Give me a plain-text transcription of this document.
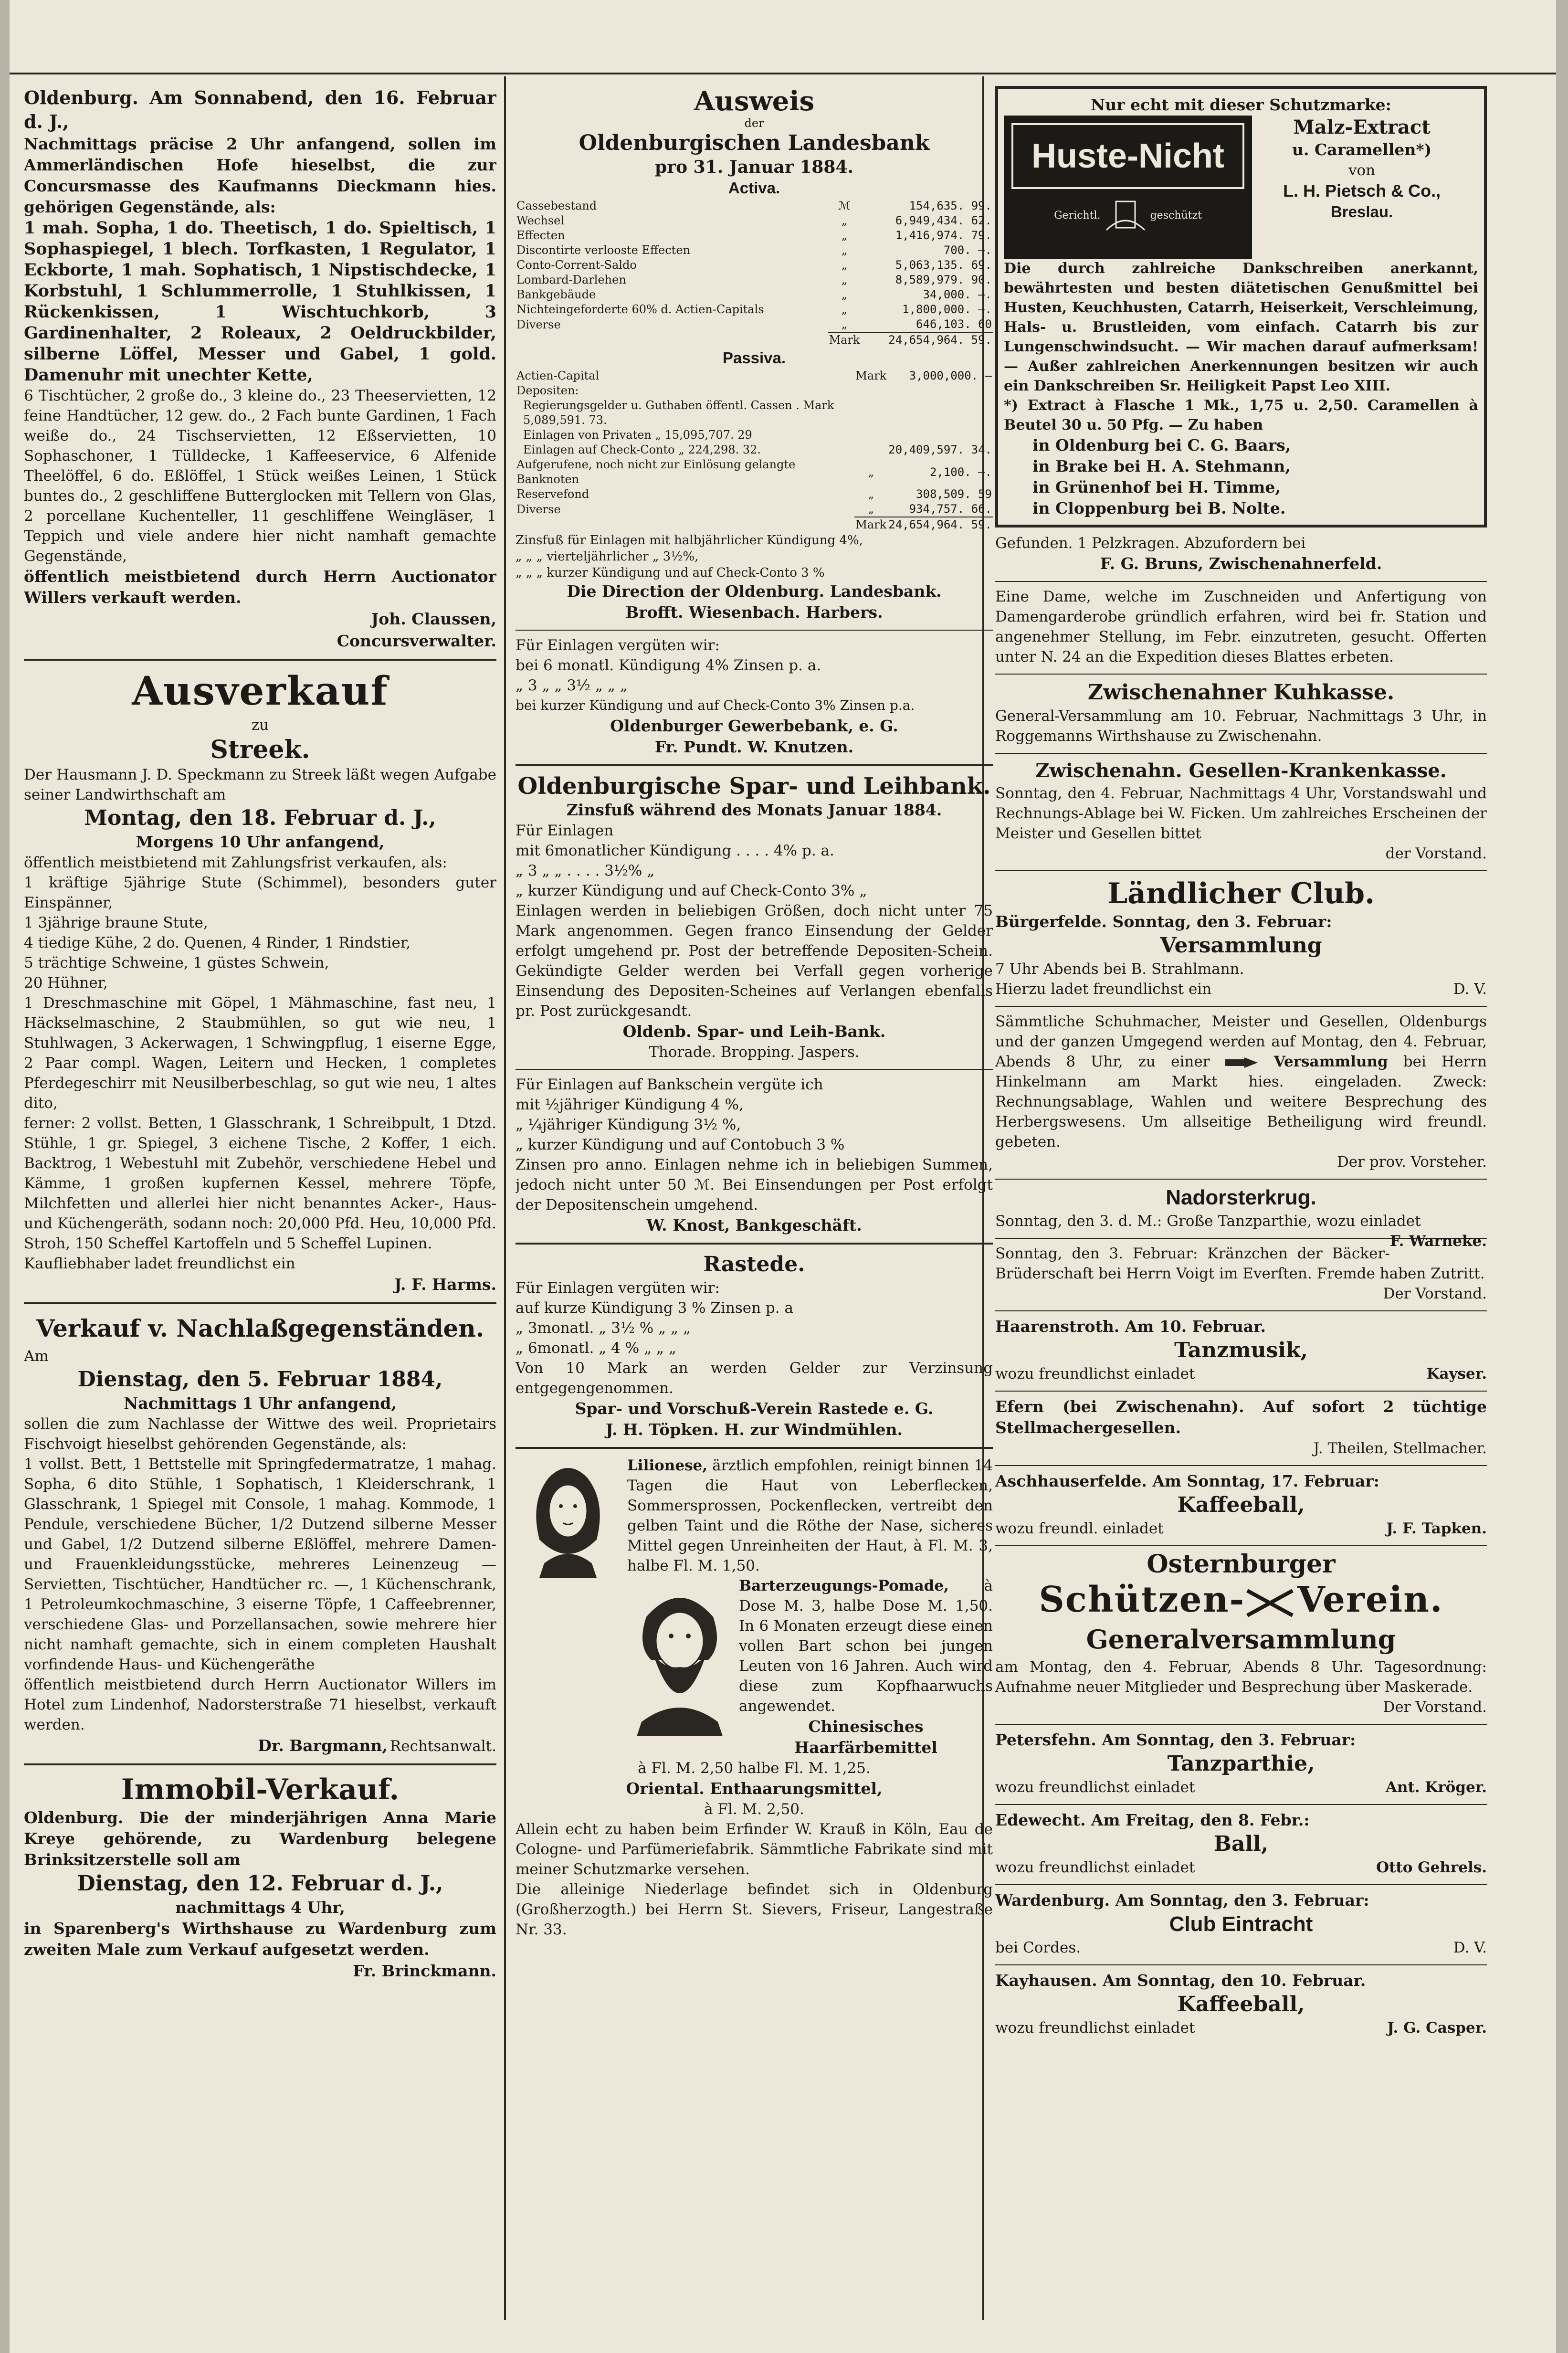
Oldenburg. Am Sonnabend, den 16. Februar d. J.,
Nachmittags präcise 2 Uhr anfangend, sollen im Ammerländischen Hofe hieselbst, die zur Concursmasse des Kaufmanns Dieckmann hies. gehörigen Gegenstände, als:
1 mah. Sopha, 1 do. Theetisch, 1 do. Spieltisch, 1 Sophaspiegel, 1 blech. Torfkasten, 1 Regulator, 1 Eckborte, 1 mah. Sophatisch, 1 Nipstischdecke, 1 Korbstuhl, 1 Schlummerrolle, 1 Stuhlkissen, 1 Rückenkissen, 1 Wischtuchkorb, 3 Gardinenhalter, 2 Roleaux, 2 Oeldruckbilder, silberne Löffel, Messer und Gabel, 1 gold. Damenuhr mit unechter Kette,
6 Tischtücher, 2 große do., 3 kleine do., 23 Theeservietten, 12 feine Handtücher, 12 gew. do., 2 Fach bunte Gardinen, 1 Fach weiße do., 24 Tischservietten, 12 Eßservietten, 10 Sophaschoner, 1 Tülldecke, 1 Kaffeeservice, 6 Alfenide Theelöffel, 6 do. Eßlöffel, 1 Stück weißes Leinen, 1 Stück buntes do., 2 geschliffene Butterglocken mit Tellern von Glas, 2 porcellane Kuchenteller, 11 geschliffene Weingläser, 1 Teppich und viele andere hier nicht namhaft gemachte Gegenstände,
öffentlich meistbietend durch Herrn Auctionator Willers verkauft werden.
Joh. Claussen,
Concursverwalter.
Ausverkauf
zu
Streek.
Der Hausmann J. D. Speckmann zu Streek läßt wegen Aufgabe seiner Landwirthschaft am
Montag, den 18. Februar d. J.,
Morgens 10 Uhr anfangend,
öffentlich meistbietend mit Zahlungsfrist verkaufen, als:
1 kräftige 5jährige Stute (Schimmel), besonders guter Einspänner,
1 3jährige braune Stute,
4 tiedige Kühe, 2 do. Quenen, 4 Rinder, 1 Rindstier,
5 trächtige Schweine, 1 güstes Schwein,
20 Hühner,
1 Dreschmaschine mit Göpel, 1 Mähmaschine, fast neu, 1 Häckselmaschine, 2 Staubmühlen, so gut wie neu, 1 Stuhlwagen, 3 Ackerwagen, 1 Schwingpflug, 1 eiserne Egge, 2 Paar compl. Wagen, Leitern und Hecken, 1 completes Pferdegeschirr mit Neusilberbeschlag, so gut wie neu, 1 altes dito,
ferner: 2 vollst. Betten, 1 Glasschrank, 1 Schreibpult, 1 Dtzd. Stühle, 1 gr. Spiegel, 3 eichene Tische, 2 Koffer, 1 eich. Backtrog, 1 Webestuhl mit Zubehör, verschiedene Hebel und Kämme, 1 großen kupfernen Kessel, mehrere Töpfe, Milchfetten und allerlei hier nicht benanntes Acker-, Haus- und Küchengeräth, sodann noch: 20,000 Pfd. Heu, 10,000 Pfd. Stroh, 150 Scheffel Kartoffeln und 5 Scheffel Lupinen.
Kaufliebhaber ladet freundlichst ein
J. F. Harms.
Verkauf v. Nachlaßgegenständen.
Am
Dienstag, den 5. Februar 1884,
Nachmittags 1 Uhr anfangend,
sollen die zum Nachlasse der Wittwe des weil. Proprietairs Fischvoigt hieselbst gehörenden Gegenstände, als:
1 vollst. Bett, 1 Bettstelle mit Springfedermatratze, 1 mahag. Sopha, 6 dito Stühle, 1 Sophatisch, 1 Kleiderschrank, 1 Glasschrank, 1 Spiegel mit Console, 1 mahag. Kommode, 1 Pendule, verschiedene Bücher, 1/2 Dutzend silberne Messer und Gabel, 1/2 Dutzend silberne Eßlöffel, mehrere Damen- und Frauenkleidungsstücke, mehreres Leinenzeug — Servietten, Tischtücher, Handtücher rc. —, 1 Küchenschrank, 1 Petroleumkochmaschine, 3 eiserne Töpfe, 1 Caffeebrenner, verschiedene Glas- und Porzellansachen, sowie mehrere hier nicht namhaft gemachte, sich in einem completen Haushalt vorfindende Haus- und Küchengeräthe
öffentlich meistbietend durch Herrn Auctionator Willers im Hotel zum Lindenhof, Nadorsterstraße 71 hieselbst, verkauft werden.
Dr. Bargmann, Rechtsanwalt.
Immobil-Verkauf.
Oldenburg. Die der minderjährigen Anna Marie Kreye gehörende, zu Wardenburg belegene Brinksitzerstelle soll am
Dienstag, den 12. Februar d. J.,
nachmittags 4 Uhr,
in Sparenberg's Wirthshause zu Wardenburg zum zweiten Male zum Verkauf aufgesetzt werden.
Fr. Brinckmann.
Ausweis
der
Oldenburgischen Landesbank
pro 31. Januar 1884.
Activa.
Cassebestand	ℳ	154,635. 99.
Wechsel	„	6,949,434. 62.
Effecten	„	1,416,974. 79.
Discontirte verlooste Effecten	„	700. —.
Conto-Corrent-Saldo	„	5,063,135. 69.
Lombard-Darlehen	„	8,589,979. 90.
Bankgebäude	„	34,000. —.
Nichteingeforderte 60% d. Actien-Capitals	„	1,800,000. —.
Diverse	„	646,103. 60
	Mark	24,654,964. 59.
Passiva.
Actien-Capital	Mark	3,000,000. —
Depositen:		
Regierungsgelder u. Guthaben öffentl. Cassen . Mark 5,089,591. 73.		
Einlagen von Privaten „ 15,095,707. 29		
Einlagen auf Check-Conto „ 224,298. 32.		20,409,597. 34.
Aufgerufene, noch nicht zur Einlösung gelangte Banknoten	„	2,100. —.
Reservefond	„	308,509. 59
Diverse	„	934,757. 66.
	Mark	24,654,964. 59.
Zinsfuß für Einlagen mit halbjährlicher Kündigung 4%,
„ „ „ vierteljährlicher „ 3½%,
„ „ „ kurzer Kündigung und auf Check-Conto 3 %
Die Direction der Oldenburg. Landesbank.
Brofft. Wiesenbach. Harbers.
Für Einlagen vergüten wir:
bei 6 monatl. Kündigung 4% Zinsen p. a.
„ 3 „ „ 3½ „ „ „
bei kurzer Kündigung und auf Check-Conto 3% Zinsen p.a.
Oldenburger Gewerbebank, e. G.
Fr. Pundt. W. Knutzen.
Oldenburgische Spar- und Leihbank.
Zinsfuß während des Monats Januar 1884.
Für Einlagen
mit 6monatlicher Kündigung . . . . 4% p. a.
„ 3 „ „ . . . . 3½% „
„ kurzer Kündigung und auf Check-Conto 3% „
Einlagen werden in beliebigen Größen, doch nicht unter 75 Mark angenommen. Gegen franco Einsendung der Gelder erfolgt umgehend pr. Post der betreffende Depositen-Schein. Gekündigte Gelder werden bei Verfall gegen vorherige Einsendung des Depositen-Scheines auf Verlangen ebenfalls pr. Post zurückgesandt.
Oldenb. Spar- und Leih-Bank.
Thorade. Bropping. Jaspers.
Für Einlagen auf Bankschein vergüte ich
mit ½jähriger Kündigung 4 %,
„ ¼jähriger Kündigung 3½ %,
„ kurzer Kündigung und auf Contobuch 3 %
Zinsen pro anno. Einlagen nehme ich in beliebigen Summen, jedoch nicht unter 50 ℳ. Bei Einsendungen per Post erfolgt der Depositenschein umgehend.
W. Knost, Bankgeschäft.
Rastede.
Für Einlagen vergüten wir:
auf kurze Kündigung 3 % Zinsen p. a
„ 3monatl. „ 3½ % „ „ „
„ 6monatl. „ 4 % „ „ „
Von 10 Mark an werden Gelder zur Verzinsung entgegengenommen.
Spar- und Vorschuß-Verein Rastede e. G.
J. H. Töpken. H. zur Windmühlen.
Lilionese, ärztlich empfohlen, reinigt binnen 14 Tagen die Haut von Leberflecken, Sommersprossen, Pockenflecken, vertreibt den gelben Taint und die Röthe der Nase, sicheres Mittel gegen Unreinheiten der Haut, à Fl. M. 3, halbe Fl. M. 1,50.
Barterzeugungs-Pomade, à Dose M. 3, halbe Dose M. 1,50. In 6 Monaten erzeugt diese einen vollen Bart schon bei jungen Leuten von 16 Jahren. Auch wird diese zum Kopfhaarwuchs angewendet.
Chinesisches Haarfärbemittel
à Fl. M. 2,50 halbe Fl. M. 1,25.
Oriental. Enthaarungsmittel,
à Fl. M. 2,50.
Allein echt zu haben beim Erfinder W. Krauß in Köln, Eau de Cologne- und Parfümeriefabrik. Sämmtliche Fabrikate sind mit meiner Schutzmarke versehen.
Die alleinige Niederlage befindet sich in Oldenburg (Großherzogth.) bei Herrn St. Sievers, Friseur, Langestraße Nr. 33.
Nur echt mit dieser Schutzmarke:
Huste-Nicht
Gerichtl.	geschützt

Malz-Extract
u. Caramellen*)
von
L. H. Pietsch & Co.,
Breslau.
Die durch zahlreiche Dankschreiben anerkannt, bewährtesten und besten diätetischen Genußmittel bei Husten, Keuchhusten, Catarrh, Heiserkeit, Verschleimung, Hals- u. Brustleiden, vom einfach. Catarrh bis zur Lungenschwindsucht. — Wir machen darauf aufmerksam! — Außer zahlreichen Anerkennungen besitzen wir auch ein Dankschreiben Sr. Heiligkeit Papst Leo XIII.
*) Extract à Flasche 1 Mk., 1,75 u. 2,50. Caramellen à Beutel 30 u. 50 Pfg. — Zu haben
in Oldenburg bei C. G. Baars,
in Brake bei H. A. Stehmann,
in Grünenhof bei H. Timme,
in Cloppenburg bei B. Nolte.
Gefunden. 1 Pelzkragen. Abzufordern bei
F. G. Bruns, Zwischenahnerfeld.
Eine Dame, welche im Zuschneiden und Anfertigung von Damengarderobe gründlich erfahren, wird bei fr. Station und angenehmer Stellung, im Febr. einzutreten, gesucht. Offerten unter N. 24 an die Expedition dieses Blattes erbeten.
Zwischenahner Kuhkasse.
General-Versammlung am 10. Februar, Nachmittags 3 Uhr, in Roggemanns Wirthshause zu Zwischenahn.
Zwischenahn. Gesellen-Krankenkasse.
Sonntag, den 4. Februar, Nachmittags 4 Uhr, Vorstandswahl und Rechnungs-Ablage bei W. Ficken. Um zahlreiches Erscheinen der Meister und Gesellen bittet
der Vorstand.
Ländlicher Club.
Bürgerfelde. Sonntag, den 3. Februar:
Versammlung
7 Uhr Abends bei B. Strahlmann.
Hierzu ladet freundlichst ein	D. V.
Sämmtliche Schuhmacher, Meister und Gesellen, Oldenburgs und der ganzen Umgegend werden auf Montag, den 4. Februar, Abends 8 Uhr, zu einer	Versammlung bei Herrn Hinkelmann am Markt hies. eingeladen. Zweck: Rechnungsablage, Wahlen und weitere Besprechung des Herbergswesens. Um allseitige Betheiligung wird freundl. gebeten.
Der prov. Vorsteher.
Nadorsterkrug.
Sonntag, den 3. d. M.: Große Tanzparthie, wozu einladet
F. Warneke.
Sonntag, den 3. Februar: Kränzchen der Bäcker-Brüderschaft bei Herrn Voigt im Everſten. Fremde haben Zutritt.
Der Vorstand.
Haarenstroth. Am 10. Februar.
Tanzmusik,
wozu freundlichst einladet	Kayser.
Efern (bei Zwischenahn). Auf sofort 2 tüchtige Stellmachergesellen.
J. Theilen, Stellmacher.
Aschhauserfelde. Am Sonntag, 17. Februar:
Kaffeeball,
wozu freundl. einladet	J. F. Tapken.
Osternburger
Schützen- Verein.
Generalversammlung
am Montag, den 4. Februar, Abends 8 Uhr. Tagesordnung: Aufnahme neuer Mitglieder und Besprechung über Maskerade.
Der Vorstand.
Petersfehn. Am Sonntag, den 3. Februar:
Tanzparthie,
wozu freundlichst einladet	Ant. Kröger.
Edewecht. Am Freitag, den 8. Febr.:
Ball,
wozu freundlichst einladet	Otto Gehrels.
Wardenburg. Am Sonntag, den 3. Februar:
Club Eintracht
bei Cordes.	D. V.
Kayhausen. Am Sonntag, den 10. Februar.
Kaffeeball,
wozu freundlichst einladet	J. G. Casper.
